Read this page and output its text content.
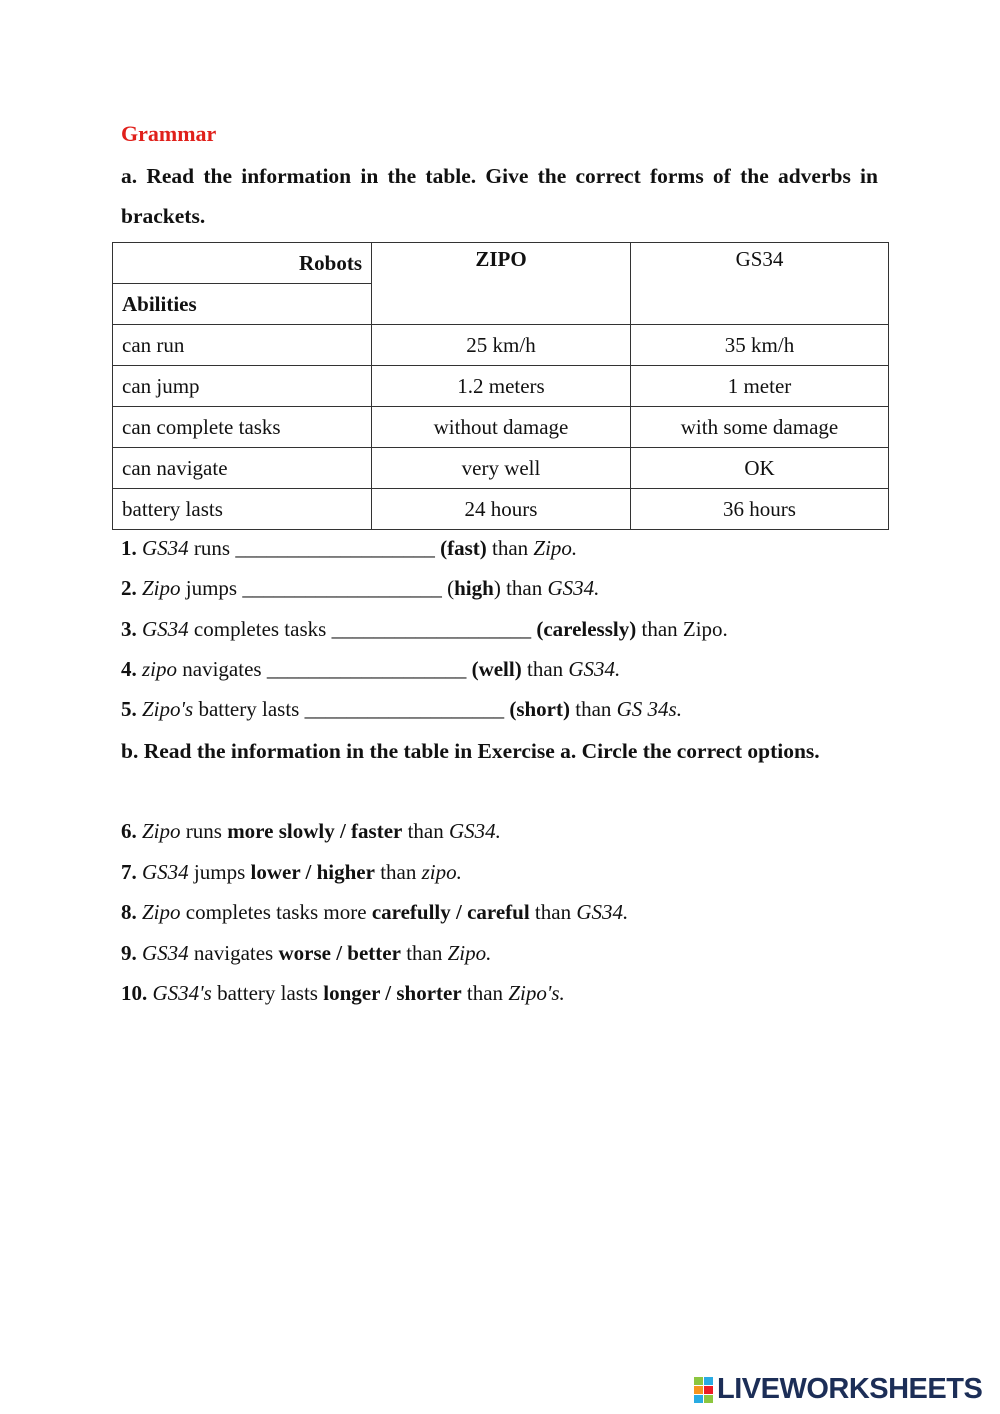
Grammar
a. Read the information in the table. Give the correct forms of the adverbs in brackets.
Robots	ZIPO	GS34
Abilities		
can run	25 km/h	35 km/h
can jump	1.2 meters	1 meter
can complete tasks	without damage	with some damage
can navigate	very well	OK
battery lasts	24 hours	36 hours
1. GS34 runs ___________________ (fast) than Zipo.
2. Zipo jumps ___________________ (high) than GS34.
3. GS34 completes tasks ___________________ (carelessly) than Zipo.
4. zipo navigates ___________________ (well) than GS34.
5. Zipo's battery lasts ___________________ (short) than GS 34s.
b. Read the information in the table in Exercise a. Circle the correct options.
6. Zipo runs more slowly / faster than GS34.
7. GS34 jumps lower / higher than zipo.
8. Zipo completes tasks more carefully / careful than GS34.
9. GS34 navigates worse / better than Zipo.
10. GS34's battery lasts longer / shorter than Zipo's.
LIVEWORKSHEETS
